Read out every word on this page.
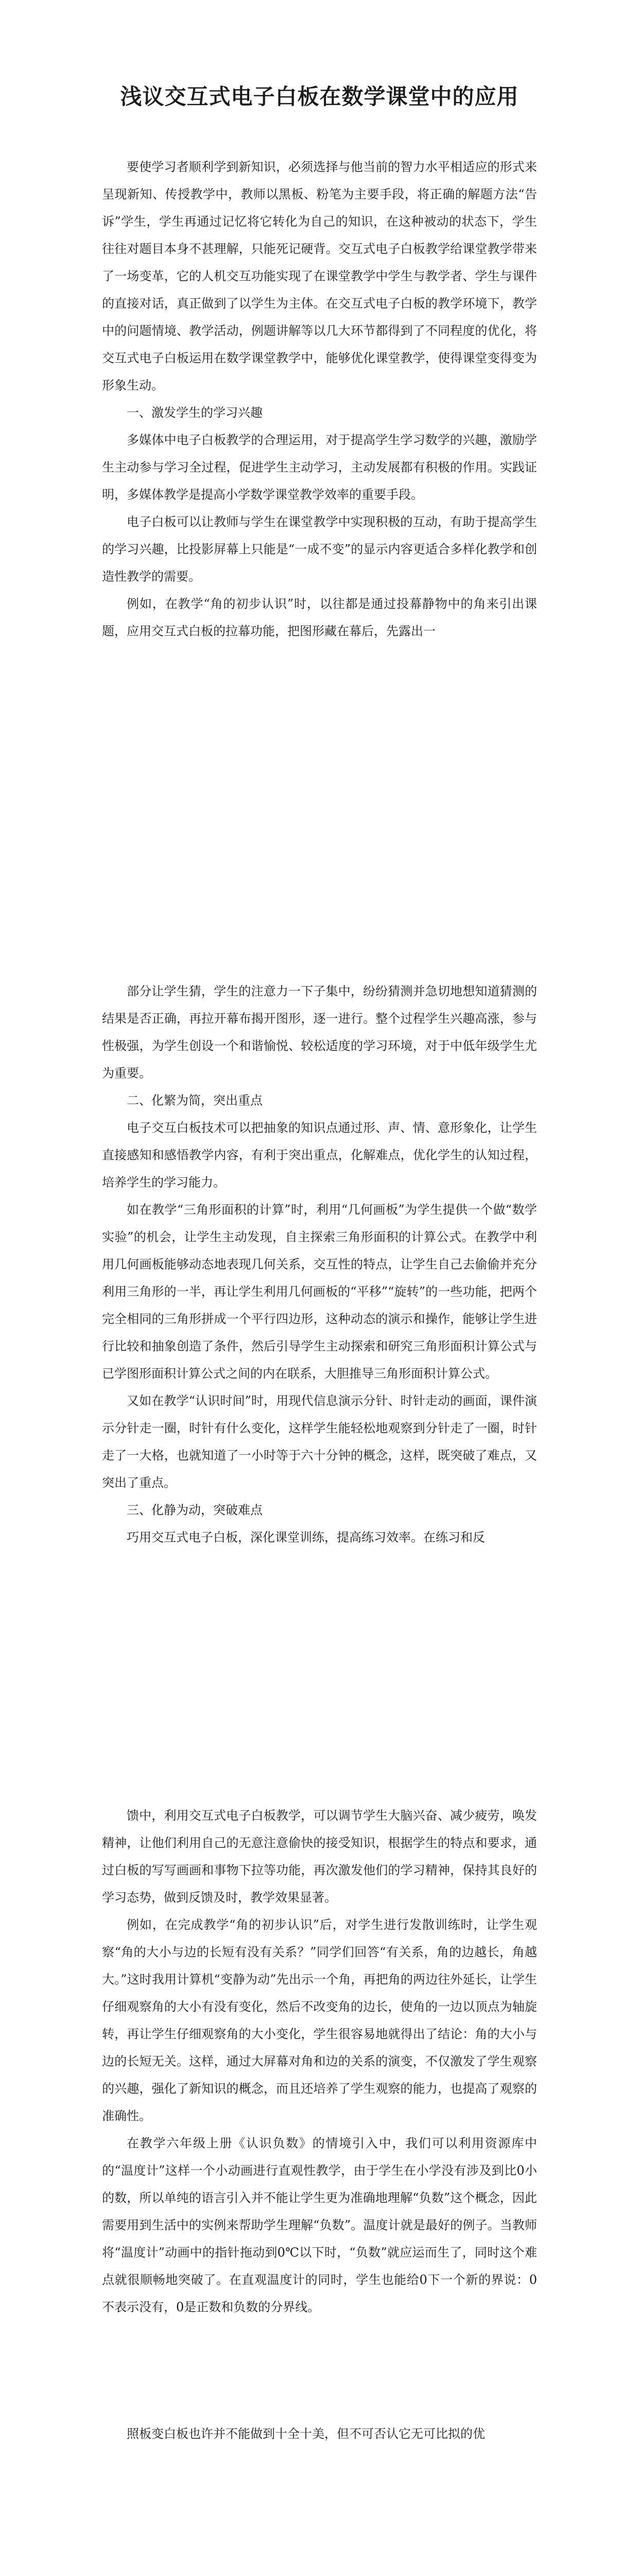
浅议交互式电子白板在数学课堂中的应用

要使学习者顺利学到新知识，必须选择与他当前的智力水平相适应的形式来呈现新知、传授教学中，教师以黑板、粉笔为主要手段，将正确的解题方法“告诉”学生，学生再通过记忆将它转化为自己的知识，在这种被动的状态下，学生往往对题目本身不甚理解，只能死记硬背。交互式电子白板教学给课堂教学带来了一场变革，它的人机交互功能实现了在课堂教学中学生与教学者、学生与课件的直接对话，真正做到了以学生为主体。在交互式电子白板的教学环境下，教学中的问题情境、教学活动，例题讲解等以几大环节都得到了不同程度的优化，将交互式电子白板运用在数学课堂教学中，能够优化课堂教学，使得课堂变得变为形象生动。

一、激发学生的学习兴趣

多媒体中电子白板教学的合理运用，对于提高学生学习数学的兴趣，激励学生主动参与学习全过程，促进学生主动学习，主动发展都有积极的作用。实践证明，多媒体教学是提高小学数学课堂教学效率的重要手段。

电子白板可以让教师与学生在课堂教学中实现积极的互动，有助于提高学生的学习兴趣，比投影屏幕上只能是“一成不变”的显示内容更适合多样化教学和创造性教学的需要。

例如，在教学“角的初步认识”时，以往都是通过投幕静物中的角来引出课题，应用交互式白板的拉幕功能，把图形藏在幕后，先露出一

部分让学生猜，学生的注意力一下子集中，纷纷猜测并急切地想知道猜测的结果是否正确，再拉开幕布揭开图形，逐一进行。整个过程学生兴趣高涨，参与性极强，为学生创设一个和谐愉悦、较松适度的学习环境，对于中低年级学生尤为重要。

二、化繁为简，突出重点

电子交互白板技术可以把抽象的知识点通过形、声、情、意形象化，让学生直接感知和感悟教学内容，有利于突出重点，化解难点，优化学生的认知过程，培养学生的学习能力。

如在教学“三角形面积的计算”时，利用“几何画板”为学生提供一个做“数学实验”的机会，让学生主动发现，自主探索三角形面积的计算公式。在教学中利用几何画板能够动态地表现几何关系，交互性的特点，让学生自己去偷偷并充分利用三角形的一半，再让学生利用几何画板的“平移”“旋转”的一些功能，把两个完全相同的三角形拼成一个平行四边形，这种动态的演示和操作，能够让学生进行比较和抽象创造了条件，然后引导学生主动探索和研究三角形面积计算公式与已学图形面积计算公式之间的内在联系，大胆推导三角形面积计算公式。

又如在教学“认识时间”时，用现代信息演示分针、时针走动的画面，课件演示分针走一圈，时针有什么变化，这样学生能轻松地观察到分针走了一圈，时针走了一大格，也就知道了一小时等于六十分钟的概念，这样，既突破了难点，又突出了重点。

三、化静为动，突破难点

巧用交互式电子白板，深化课堂训练，提高练习效率。在练习和反

馈中，利用交互式电子白板教学，可以调节学生大脑兴奋、减少疲劳，唤发精神，让他们利用自己的无意注意偷快的接受知识，根据学生的特点和要求，通过白板的写写画画和事物下拉等功能，再次激发他们的学习精神，保持其良好的学习态势，做到反馈及时，教学效果显著。

例如，在完成教学“角的初步认识”后，对学生进行发散训练时，让学生观察“角的大小与边的长短有没有关系？”同学们回答“有关系，角的边越长，角越大。”这时我用计算机“变静为动”先出示一个角，再把角的两边往外延长，让学生仔细观察角的大小有没有变化，然后不改变角的边长，使角的一边以顶点为轴旋转，再让学生仔细观察角的大小变化，学生很容易地就得出了结论：角的大小与边的长短无关。这样，通过大屏幕对角和边的关系的演变，不仅激发了学生观察的兴趣，强化了新知识的概念，而且还培养了学生观察的能力，也提高了观察的准确性。

在教学六年级上册《认识负数》的情境引入中，我们可以利用资源库中的“温度计”这样一个小动画进行直观性教学，由于学生在小学没有涉及到比0小的数，所以单纯的语言引入并不能让学生更为准确地理解“负数”这个概念，因此需要用到生活中的实例来帮助学生理解“负数”。温度计就是最好的例子。当教师将“温度计”动画中的指针拖动到0℃以下时，“负数”就应运而生了，同时这个难点就很顺畅地突破了。在直观温度计的同时，学生也能给0下一个新的界说：0不表示没有，0是正数和负数的分界线。

照板变白板也许并不能做到十全十美，但不可否认它无可比拟的优
